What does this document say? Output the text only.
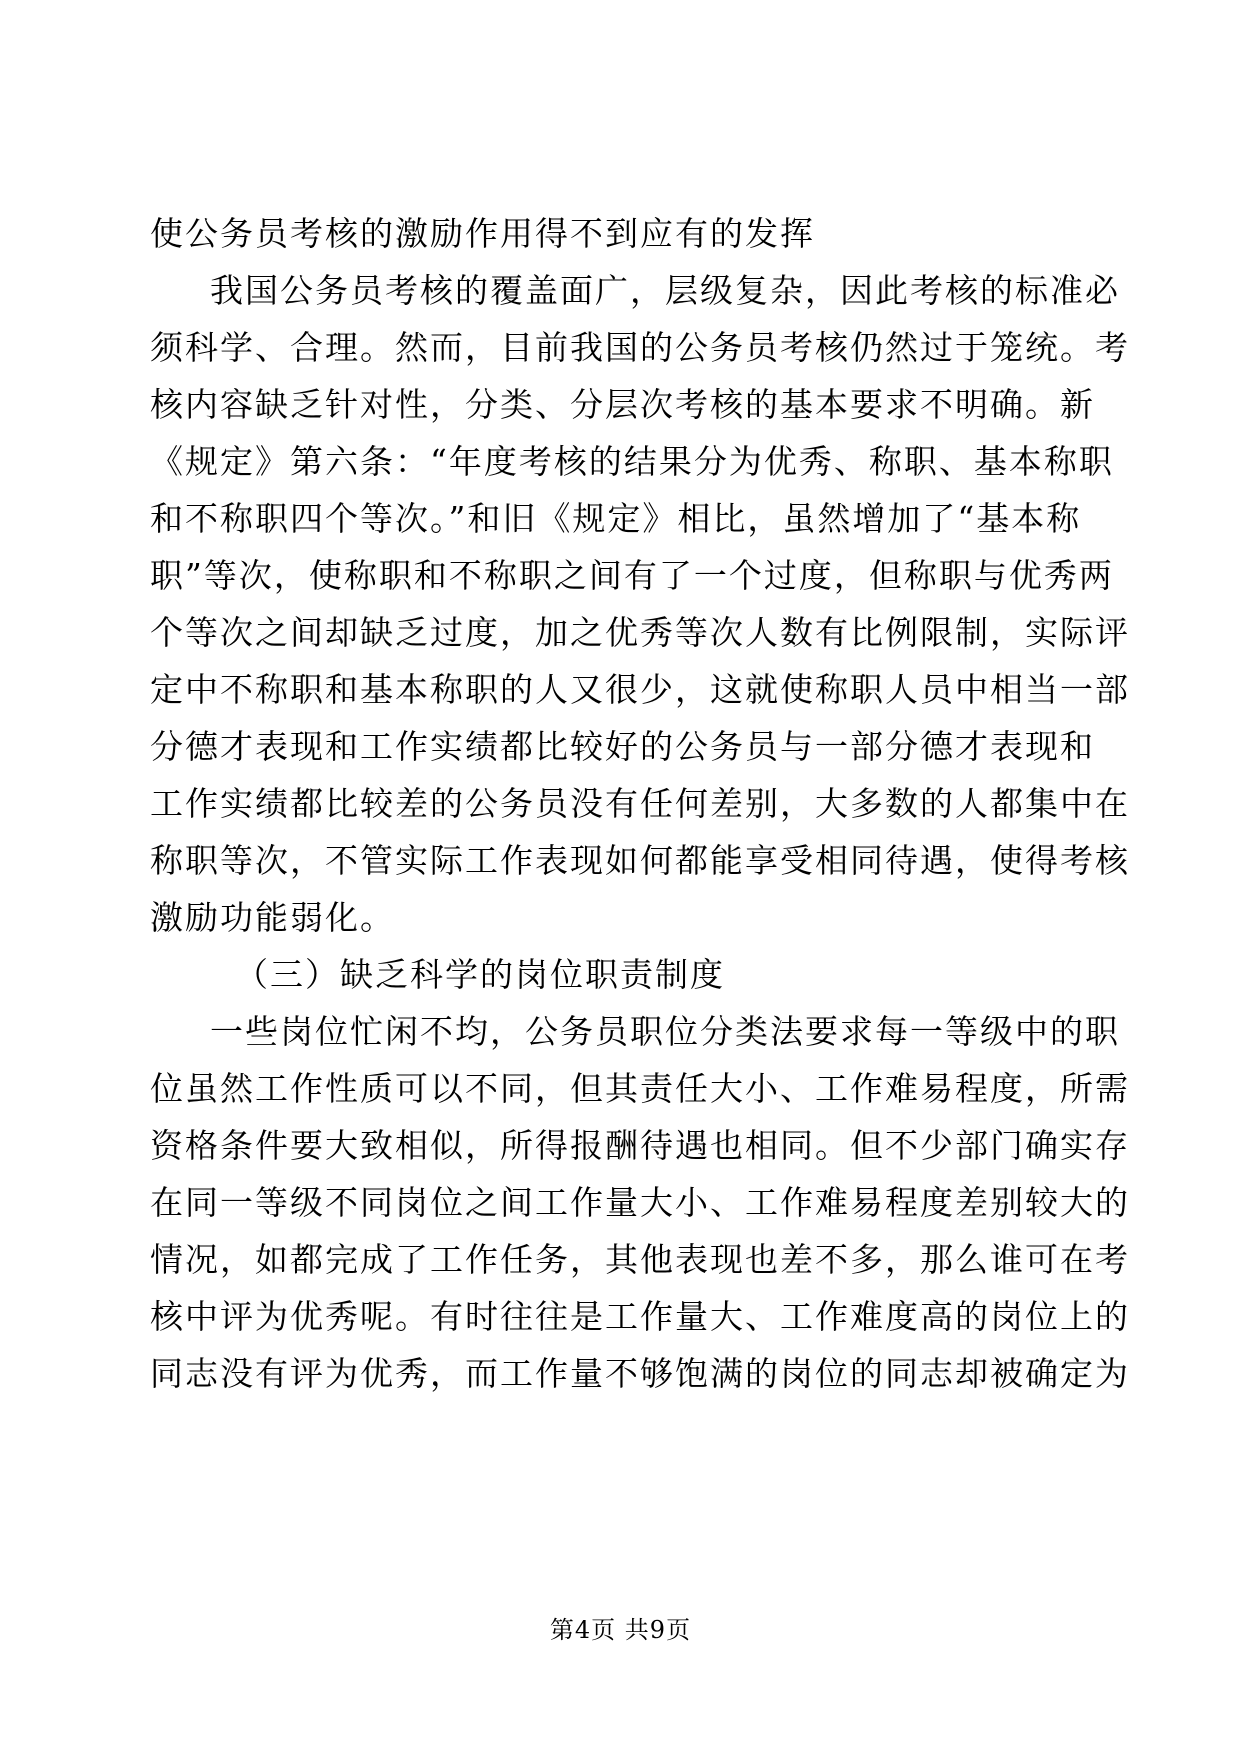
使公务员考核的激励作用得不到应有的发挥
我国公务员考核的覆盖面广，层级复杂，因此考核的标准必
须科学、合理。然而，目前我国的公务员考核仍然过于笼统。考
核内容缺乏针对性，分类、分层次考核的基本要求不明确。新
《规定》第六条：“年度考核的结果分为优秀、称职、基本称职
和不称职四个等次。”和旧《规定》相比，虽然增加了“基本称
职”等次，使称职和不称职之间有了一个过度，但称职与优秀两
个等次之间却缺乏过度，加之优秀等次人数有比例限制，实际评
定中不称职和基本称职的人又很少，这就使称职人员中相当一部
分德才表现和工作实绩都比较好的公务员与一部分德才表现和
工作实绩都比较差的公务员没有任何差别，大多数的人都集中在
称职等次，不管实际工作表现如何都能享受相同待遇，使得考核
激励功能弱化。
（三）缺乏科学的岗位职责制度
一些岗位忙闲不均，公务员职位分类法要求每一等级中的职
位虽然工作性质可以不同，但其责任大小、工作难易程度，所需
资格条件要大致相似，所得报酬待遇也相同。但不少部门确实存
在同一等级不同岗位之间工作量大小、工作难易程度差别较大的
情况，如都完成了工作任务，其他表现也差不多，那么谁可在考
核中评为优秀呢。有时往往是工作量大、工作难度高的岗位上的
同志没有评为优秀，而工作量不够饱满的岗位的同志却被确定为
第4页 共9页
